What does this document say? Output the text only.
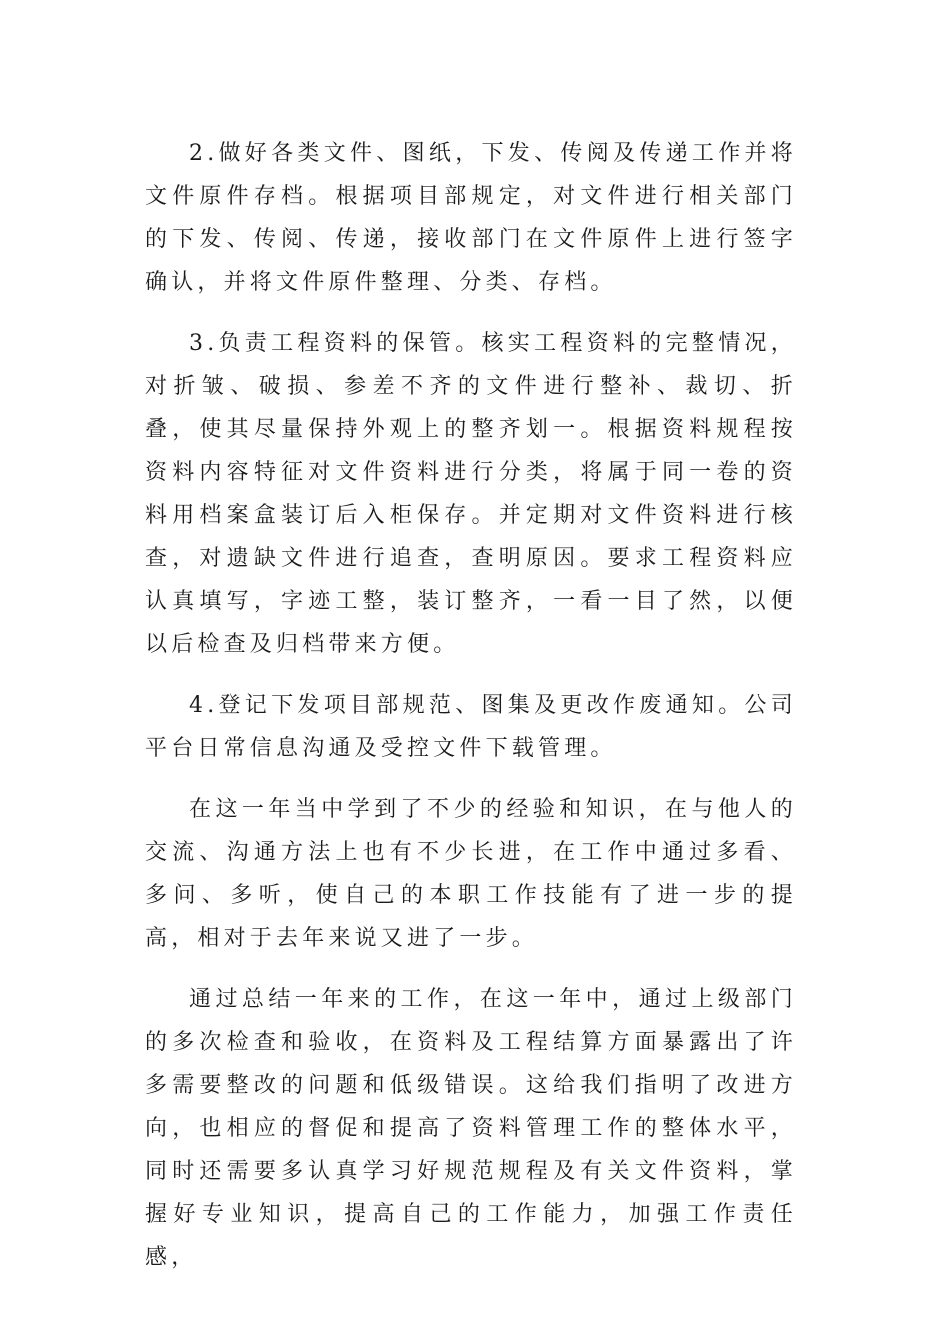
2.做好各类文件、图纸，下发、传阅及传递工作并将文件原件存档。根据项目部规定，对文件进行相关部门的下发、传阅、传递，接收部门在文件原件上进行签字确认，并将文件原件整理、分类、存档。

3.负责工程资料的保管。核实工程资料的完整情况，对折皱、破损、参差不齐的文件进行整补、裁切、折叠，使其尽量保持外观上的整齐划一。根据资料规程按资料内容特征对文件资料进行分类，将属于同一卷的资料用档案盒装订后入柜保存。并定期对文件资料进行核查，对遗缺文件进行追查，查明原因。要求工程资料应认真填写，字迹工整，装订整齐，一看一目了然，以便以后检查及归档带来方便。

4.登记下发项目部规范、图集及更改作废通知。公司平台日常信息沟通及受控文件下载管理。

在这一年当中学到了不少的经验和知识，在与他人的交流、沟通方法上也有不少长进，在工作中通过多看、多问、多听，使自己的本职工作技能有了进一步的提高，相对于去年来说又进了一步。

通过总结一年来的工作，在这一年中，通过上级部门的多次检查和验收，在资料及工程结算方面暴露出了许多需要整改的问题和低级错误。这给我们指明了改进方向，也相应的督促和提高了资料管理工作的整体水平，同时还需要多认真学习好规范规程及有关文件资料，掌握好专业知识，提高自己的工作能力，加强工作责任感，
